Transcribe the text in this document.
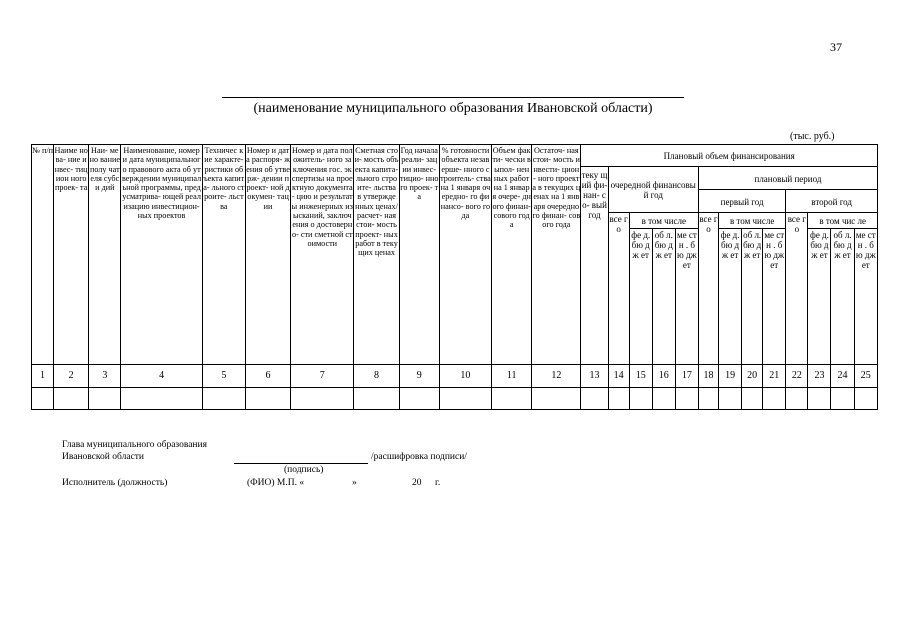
37
(наименование муниципального образования Ивановской области)
(тыс. руб.)
№ п/п	Наиме нова- ние инвес- тицион ного проек- та	Наи- мено вание полу чателя субси дий	Наименование, номер и дата муниципального правового акта об утверждении муниципальной программы, предусматрива- ющей реализацию инвестицион- ных проектов	Техничес кие характе- ристики объекта капита- льного строитe- льства	Номер и дата распоря- жения об утверж- дении проект- ной докумен- тации	Номер и дата положитель- ного заключения гос. экспертизы на проектную документа- цию и результаты инженерных изысканий, заключения о достоверно- сти сметной стоимости	Сметная стои- мость объекта капита- льного строите- льства в утвержде нных ценах/ расчет- ная стои- мость проект- ных работ в текущих ценах	Год начала реали- зации инвес- тицио- нного проек- та	% готовности объекта незаверше- нного строитель- ства на 1 января очередно- го финансо- вого года	Объем факти- чески выпол- ненных работ на 1 января очере- дного финан- сового года	Остаточ- ная стои- мость инвести- цион- ного проекта в текущих ценах на 1 января очередно го финан- сового года	Плановый объем финансирования												
												теку щий фи- нан- со- вый год	очередной финансовый год				плановый период							
																	первый год				второй год			
													все го	в том числе			все го	в том числе			все го	в том чис ле		
														фе д. бю дж ет	об л. бю дж ет	ме стн . бю дж ет		фе д. бю дж ет	об л. бю дж ет	ме стн . бю дж ет		фе д. бю дж ет	об л. бю дж ет	ме стн . бю дж ет
1	2	3	4	5	6	7	8	9	10	11	12	13	14	15	16	17	18	19	20	21	22	23	24	25

Глава муниципального образования
Ивановской области	/расшифровка подписи/
(подпись)
Исполнитель (должность)	(ФИО) М.П. «	»	20 г.
